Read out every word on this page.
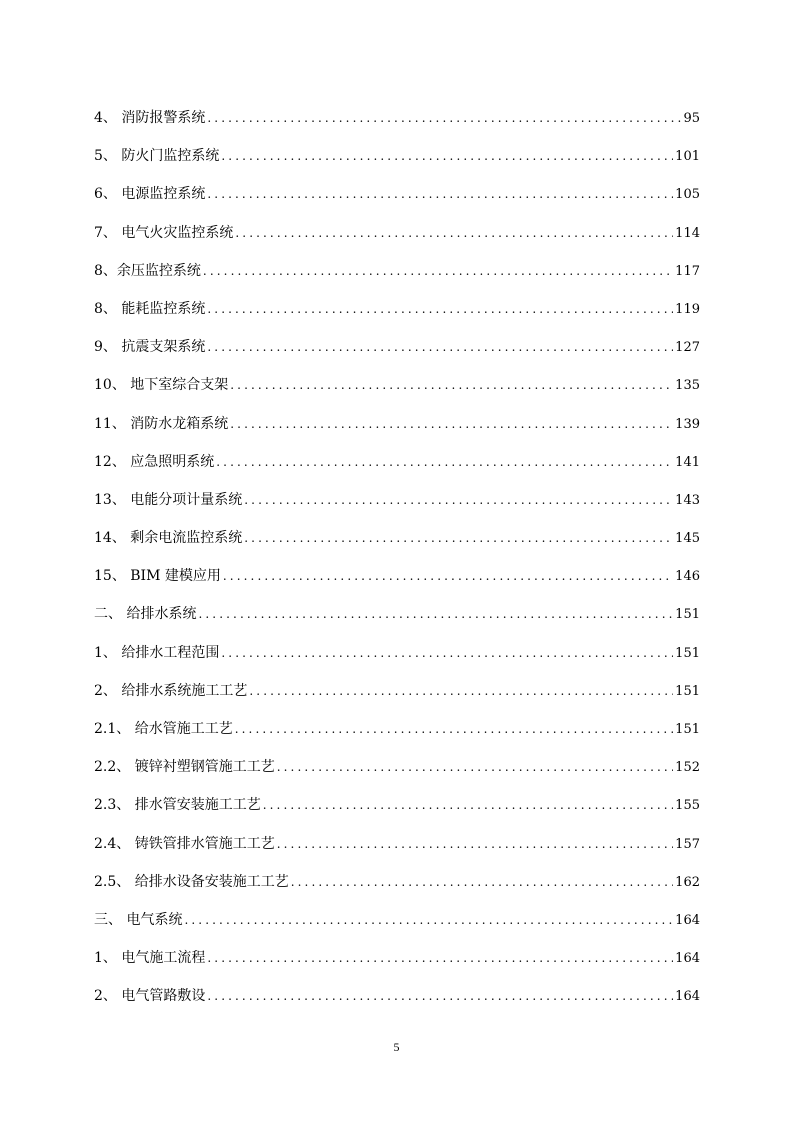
4、 消防报警系统 .....	95
5、 防火门监控系统 .....	101
6、 电源监控系统 .....	105
7、 电气火灾监控系统 .....	114
8、余压监控系统 .....	117
8、 能耗监控系统 .....	119
9、 抗震支架系统 .....	127
10、 地下室综合支架 .....	135
11、 消防水龙箱系统 .....	139
12、 应急照明系统 .....	141
13、 电能分项计量系统 .....	143
14、 剩余电流监控系统 .....	145
15、 BIM 建模应用 .....	146
二、 给排水系统 .....	151
1、 给排水工程范围 .....	151
2、 给排水系统施工工艺 .....	151
2.1、 给水管施工工艺 .....	151
2.2、 镀锌衬塑钢管施工工艺 .....	152
2.3、 排水管安装施工工艺 .....	155
2.4、 铸铁管排水管施工工艺 .....	157
2.5、 给排水设备安装施工工艺 .....	162
三、 电气系统 .....	164
1、 电气施工流程 .....	164
2、 电气管路敷设 .....	164
5
